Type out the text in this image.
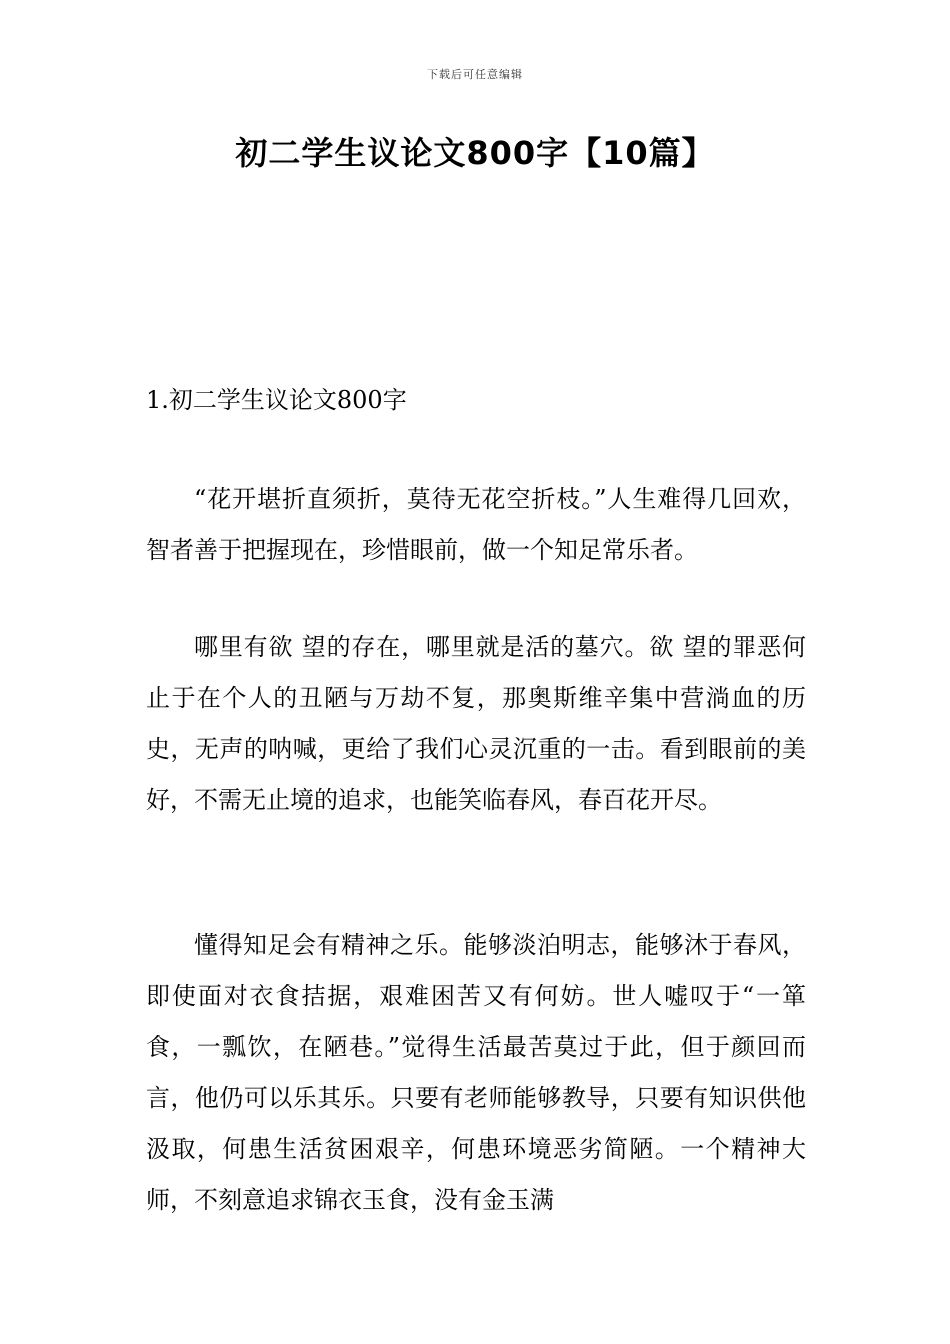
下载后可任意编辑
初二学生议论文800字【10篇】
1.初二学生议论文800字

“花开堪折直须折，莫待无花空折枝。”人生难得几回欢，智者善于把握现在，珍惜眼前，做一个知足常乐者。

哪里有欲 望的存在，哪里就是活的墓穴。欲 望的罪恶何止于在个人的丑陋与万劫不复，那奥斯维辛集中营淌血的历史，无声的呐喊，更给了我们心灵沉重的一击。看到眼前的美好，不需无止境的追求，也能笑临春风，春百花开尽。

懂得知足会有精神之乐。能够淡泊明志，能够沐于春风，即使面对衣食拮据，艰难困苦又有何妨。世人嘘叹于“一箪食，一瓢饮，在陋巷。”觉得生活最苦莫过于此，但于颜回而言，他仍可以乐其乐。只要有老师能够教导，只要有知识供他汲取，何患生活贫困艰辛，何患环境恶劣简陋。一个精神大师，不刻意追求锦衣玉食，没有金玉满
